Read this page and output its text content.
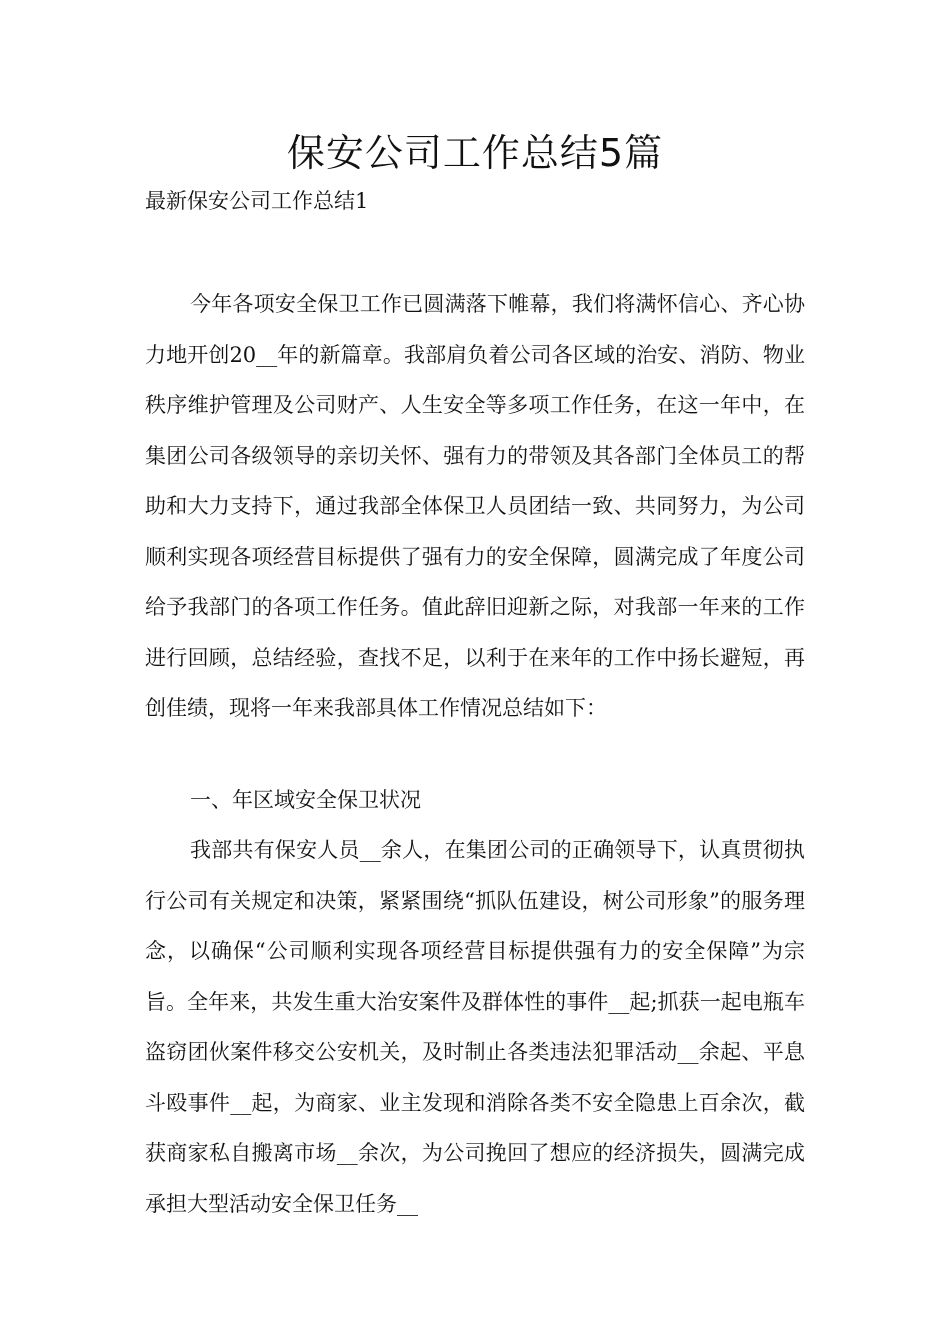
保安公司工作总结5篇

最新保安公司工作总结1

今年各项安全保卫工作已圆满落下帷幕，我们将满怀信心、齐心协力地开创20__年的新篇章。我部肩负着公司各区域的治安、消防、物业秩序维护管理及公司财产、人生安全等多项工作任务，在这一年中，在集团公司各级领导的亲切关怀、强有力的带领及其各部门全体员工的帮助和大力支持下，通过我部全体保卫人员团结一致、共同努力，为公司顺利实现各项经营目标提供了强有力的安全保障，圆满完成了年度公司给予我部门的各项工作任务。值此辞旧迎新之际，对我部一年来的工作进行回顾，总结经验，查找不足，以利于在来年的工作中扬长避短，再创佳绩，现将一年来我部具体工作情况总结如下：

一、年区域安全保卫状况

我部共有保安人员__余人，在集团公司的正确领导下，认真贯彻执行公司有关规定和决策，紧紧围绕“抓队伍建设，树公司形象”的服务理念，以确保“公司顺利实现各项经营目标提供强有力的安全保障”为宗旨。全年来，共发生重大治安案件及群体性的事件__起;抓获一起电瓶车盗窃团伙案件移交公安机关，及时制止各类违法犯罪活动__余起、平息斗殴事件__起，为商家、业主发现和消除各类不安全隐患上百余次，截获商家私自搬离市场__余次，为公司挽回了想应的经济损失，圆满完成承担大型活动安全保卫任务__
